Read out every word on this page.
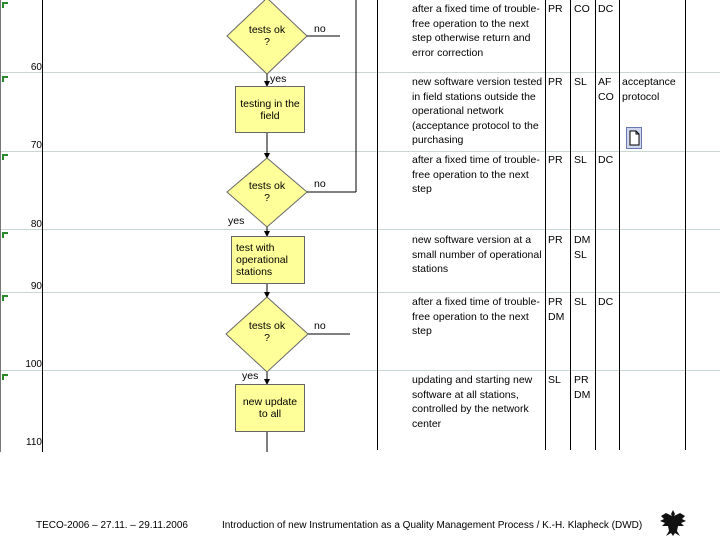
60
70
80
90
100
110
tests ok ?
tests ok ?
tests ok ?
no
no
no
yes
yes
yes
testing in the field
test with operational stations
new update to all
after a fixed time of trouble-free operation to the next step otherwise return and error correction
PR CO DC
new software version tested in field stations outside the operational network (acceptance protocol to the purchasing
PR SL AF CO
acceptance protocol
after a fixed time of trouble-free operation to the next step
PR SL DC
new software version at a small number of operational stations
PR DM SL
after a fixed time of trouble-free operation to the next step
PR DM
SL DC
updating and starting new software at all stations, controlled by the network center
SL PR DM
TECO-2006 – 27.11. – 29.11.2006	Introduction of new Instrumentation as a Quality Management Process / K.-H. Klapheck (DWD)
